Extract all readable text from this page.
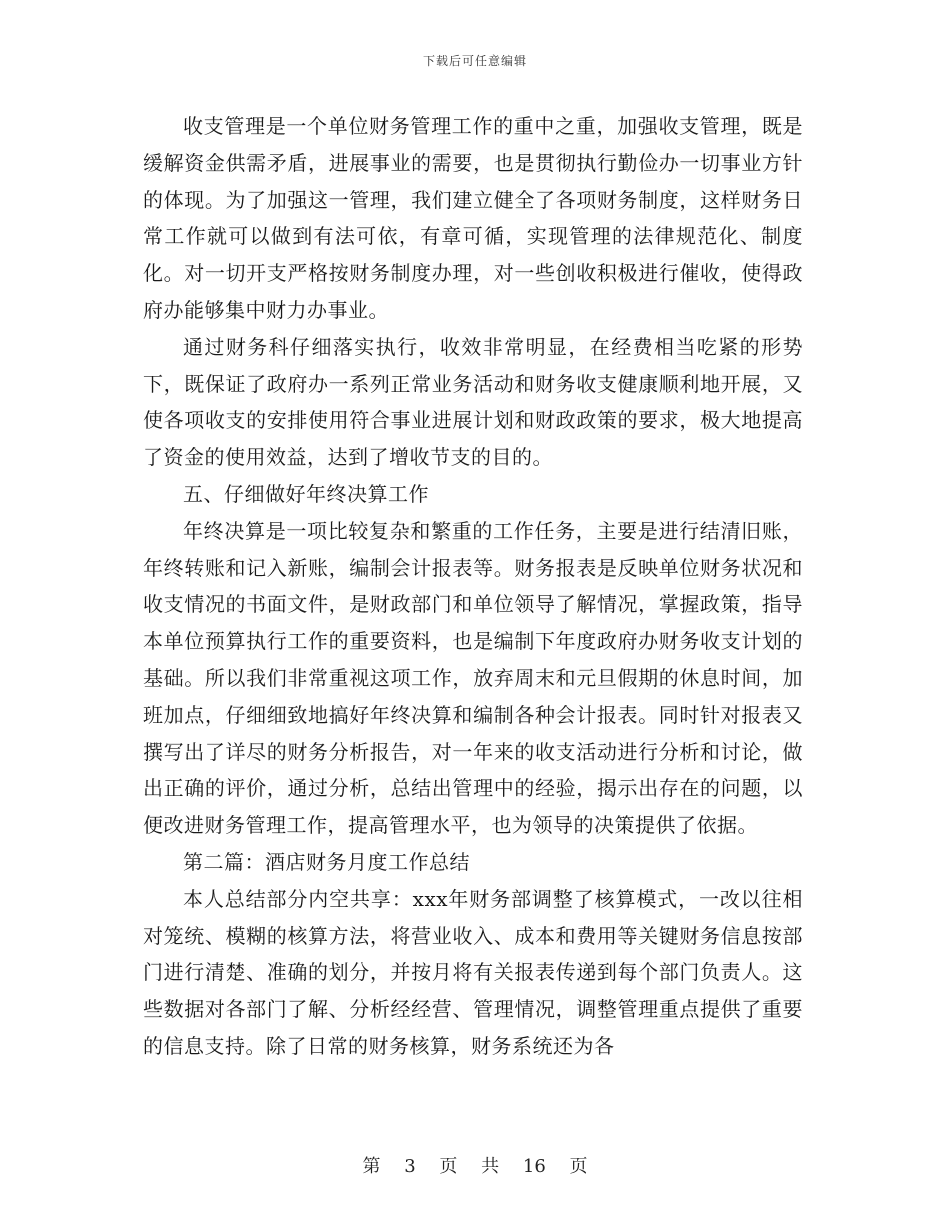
下载后可任意编辑

收支管理是一个单位财务管理工作的重中之重，加强收支管理，既是缓解资金供需矛盾，进展事业的需要，也是贯彻执行勤俭办一切事业方针的体现。为了加强这一管理，我们建立健全了各项财务制度，这样财务日常工作就可以做到有法可依，有章可循，实现管理的法律规范化、制度化。对一切开支严格按财务制度办理，对一些创收积极进行催收，使得政府办能够集中财力办事业。

通过财务科仔细落实执行，收效非常明显，在经费相当吃紧的形势下，既保证了政府办一系列正常业务活动和财务收支健康顺利地开展，又使各项收支的安排使用符合事业进展计划和财政政策的要求，极大地提高了资金的使用效益，达到了增收节支的目的。

五、仔细做好年终决算工作

年终决算是一项比较复杂和繁重的工作任务，主要是进行结清旧账，年终转账和记入新账，编制会计报表等。财务报表是反映单位财务状况和收支情况的书面文件，是财政部门和单位领导了解情况，掌握政策，指导本单位预算执行工作的重要资料，也是编制下年度政府办财务收支计划的基础。所以我们非常重视这项工作，放弃周末和元旦假期的休息时间，加班加点，仔细细致地搞好年终决算和编制各种会计报表。同时针对报表又撰写出了详尽的财务分析报告，对一年来的收支活动进行分析和讨论，做出正确的评价，通过分析，总结出管理中的经验，揭示出存在的问题，以便改进财务管理工作，提高管理水平，也为领导的决策提供了依据。

第二篇：酒店财务月度工作总结

本人总结部分内空共享：xxx年财务部调整了核算模式，一改以往相对笼统、模糊的核算方法，将营业收入、成本和费用等关键财务信息按部门进行清楚、准确的划分，并按月将有关报表传递到每个部门负责人。这些数据对各部门了解、分析经经营、管理情况，调整管理重点提供了重要的信息支持。除了日常的财务核算，财务系统还为各

第 3 页 共 16 页
